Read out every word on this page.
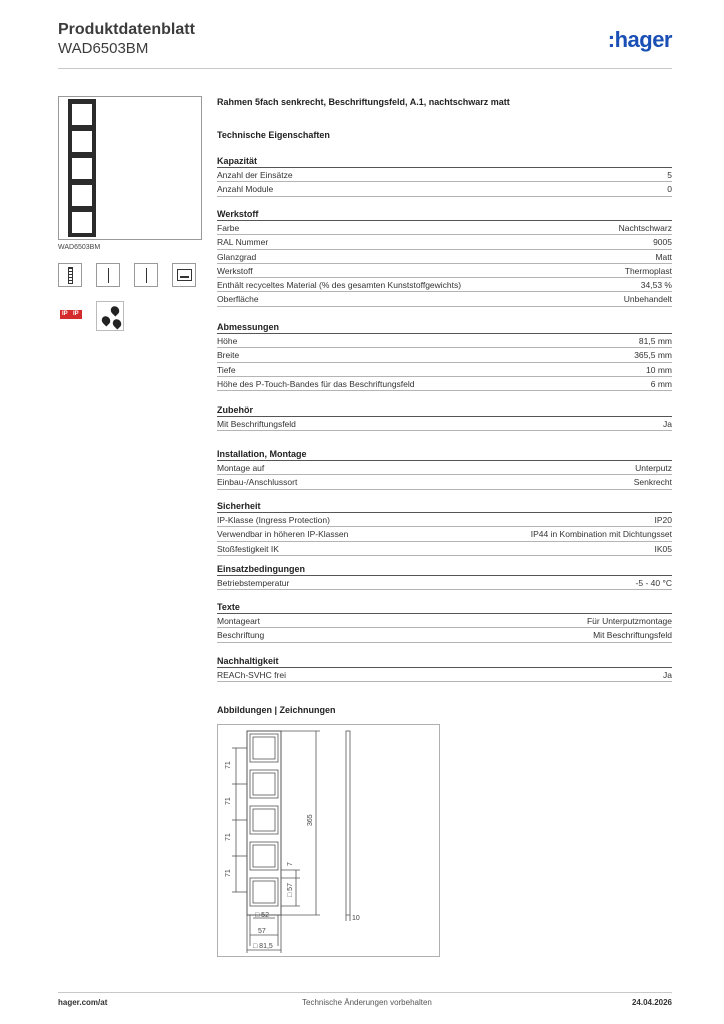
Produktdatenblatt
WAD6503BM	:hager
WAD6503BM
IP IP
Rahmen 5fach senkrecht, Beschriftungsfeld, A.1, nachtschwarz matt
Technische Eigenschaften
Kapazität
Anzahl der Einsätze	5
Anzahl Module	0
Werkstoff
Farbe	Nachtschwarz
RAL Nummer	9005
Glanzgrad	Matt
Werkstoff	Thermoplast
Enthält recyceltes Material (% des gesamten Kunststoffgewichts)	34,53 %
Oberfläche	Unbehandelt
Abmessungen
Höhe	81,5 mm
Breite	365,5 mm
Tiefe	10 mm
Höhe des P-Touch-Bandes für das Beschriftungsfeld	6 mm
Zubehör
Mit Beschriftungsfeld	Ja
Installation, Montage
Montage auf	Unterputz
Einbau-/Anschlussort	Senkrecht
Sicherheit
IP-Klasse (Ingress Protection)	IP20
Verwendbar in höheren IP-Klassen	IP44 in Kombination mit Dichtungsset
Stoßfestigkeit IK	IK05
Einsatzbedingungen
Betriebstemperatur	-5 - 40 °C
Texte
Montageart	Für Unterputzmontage
Beschriftung	Mit Beschriftungsfeld
Nachhaltigkeit
REACh-SVHC frei	Ja
Abbildungen | Zeichnungen
71
71
71
71
365
7
□ 57
10
□ 52
57
□ 81,5
hager.com/at	Technische Änderungen vorbehalten	24.04.2026
